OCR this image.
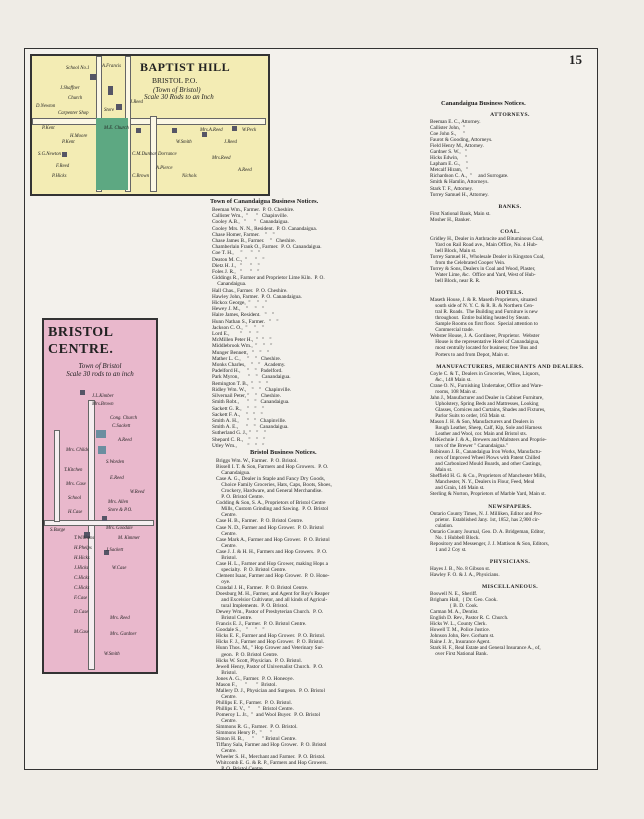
15
BAPTIST HILL
BRISTOL P.O.
(Town of Bristol)
Scale 30 Rods to an Inch
School No.1
J.Shaffner
Church
D.Newton
Carpenter Shop
Store
M.E. Church
P.Kent
S.G.Newton
F.Reed
P.Kent
P.Hicks
H.Moore
A.Francis
J.Reed
W.Smith
C.M.Dunbar Dorrance
A.Pierce
Nichols
Mrs.Reed
J.Reed
Mrs.A.Reed
A.Reed
W.Peck
C.Brown
BRISTOL CENTRE.
Town of Bristol
Scale 30 rods to an inch
J.L.Kimber
Mrs.Brown
Cong. Church
C.Sackett
A.Reed
Mrs. Childs
S.Worden
T.Kitchen
Mrs. Case
E.Reed
School
H.Case
Mrs. Allen
Store & P.O.
W.Reed
S.Burge
T.Williams
Mrs. Goodale
M. Kimmer
H.Phelps
H.Hicks
J.Sackett
J.Hicks	W.Case
C.Hicks
C.Hicks
F.Case
Mrs. Reed
Mrs. Gardner
D.Case
M.Case
W.Smith
Town of Canandaigua Business Notices.
Beeman Wm., Farmer.  P. O. Cheshire.
Callister Wm.,  "      "   Chapinville.
Cooley A.B.,   "      "   Canandaigua.
Cooley Mrs. N. N., Resident.  P. O. Canandaigua.
Chase Homer, Farmer.    "    "
Chase James B., Farmer.    "   Cheshire.
Chamberlain Frank O., Farmer.  P. O. Canandaigua.
Coe T. H.,     "      "    "
Deaton M. C.,  "      "    "
Dietz H. J.,   "      "    "
Foles J. R.,   "      "    "
Giddings R., Farmer and Proprietor Lime Kiln.  P. O.
Canandaigua.
Hall Chas., Farmer.  P. O. Cheshire.
Hawley John, Farmer.  P. O. Canandaigua.
Hickox George,  "     "    "
Hewey J. M.,    "     "    "
Haire James, Resident.   "    "
Hunn Nathan S., Farmer.   "    "
Jackson C. O.,  "     "    "
Lord E.,        "     "    "
McMillen Peter H.,  "   "    "
Middlebrook Wm.,  "    "    "
Munger Bennett,   "    "    "
Mather L. C.,     "    "   Cheshire.
Monks Charles,    "    "   Academy.
Padelford H.,     "    "   Padelford.
Park Myron,       "    "   Canandaigua.
Remington T. B.,  "    "    "
Ridley Wm. W.,    "    "   Chapinville.
Silvernail Peter, "    "   Cheshire.
Smith Robt.,      "    "   Canandaigua.
Sackett G. R.,    "    "    "
Sackett F. A.,    "    "    "
Smith A. H.,      "    "   Chapinville.
Smith A. E.,      "    "   Canandaigua.
Sutherland G. J., "    "    "
Shepard C. R.,    "    "    "
Utley Wm.,        "    "    "
Bristol Business Notices.
Briggs Wm. W., Farmer.  P. O. Bristol.
Bissell I. T. & Son, Farmers and Hop Growers.  P. O.
Canandaigua.
Case A. G., Dealer in Staple and Fancy Dry Goods,
Choice Family Groceries, Hats, Caps, Boots, Shoes,
Crockery, Hardware, and General Merchandise.
P. O. Bristol Centre.
Codding & Son, S. A., Proprietors of Bristol Centre
Mills, Custom Grinding and Sawing.  P. O. Bristol
Centre.
Case H. B., Farmer.  P. O. Bristol Centre.
Case N. D., Farmer and Hop Grower.  P. O. Bristol
Centre.
Case Mark A., Farmer and Hop Grower.  P. O. Bristol
Centre.
Case J. J. & H. H., Farmers and Hop Growers.  P. O.
Bristol.
Case H. L., Farmer and Hop Grower, making Hops a
specialty.  P. O. Bristol Centre.
Clement Isaac, Farmer and Hop Grower.  P. O. Hone-
oye.
Crandal J. H., Farmer.  P. O. Bristol Centre.
Doesburg M. H., Farmer, and Agent for Roy's Reaper
and Excelsior Cultivator, and all kinds of Agricul-
tural Implements.  P. O. Bristol.
Dewey Wm., Pastor of Presbyterian Church.  P. O.
Bristol Centre.
Francis E. J., Farmer.  P. O. Bristol Centre.
Goodale S.,    "     "    "
Hicks E. F., Farmer and Hop Grower.  P. O. Bristol.
Hicks F. J., Farmer and Hop Grower.  P. O. Bristol.
Hunn Thos. M., " Hop Grower and Veterinary Sur-
geon.  P. O. Bristol Centre.
Hicks W. Scott, Physician.  P. O. Bristol.
Jewell Henry, Pastor of Universalist Church.  P. O.
Bristol.
Jones A. G., Farmer.  P. O. Honeoye.
Mason F.,      "       "  Bristol.
Mallery D. J., Physician and Surgeon.  P. O. Bristol
Centre.
Phillips E. F., Farmer.  P. O. Bristol.
Phillips E. V.,  "      "  Bristol Centre.
Pomeroy L. Jr.,  "  and Wool Buyer.  P. O. Bristol
Centre.
Simmons R. G., Farmer.  P. O. Bristol.
Simmons Henry P.,  "      "
Simon H. B.,      "      " Bristol Centre.
Tiffany Sala, Farmer and Hop Grower.  P. O. Bristol
Centre.
Wheeler S. H., Merchant and Farmer.  P. O. Bristol.
Whitcomb E. G. & R. P., Farmers and Hop Growers.
P. O. Bristol Centre.
Canandaigua Business Notices.
ATTORNEYS.
Beeman E. C., Attorney.
Callister John,  "
Coe John S.,     "
Faurot & Gooding, Attorneys.
Field Henry M., Attorney.
Gardner S. W.,   "
Hicks Edwin,     "
Lapham E. G.,    "
Metcalf Hiram,   "
Richardson C. A.,  "     and Surrogate.
Smith & Hamlin, Attorneys.
Stark T. F., Attorney.
Torrey Samuel H., Attorney.
BANKS.
First National Bank, Main st.
Mosher H., Banker.
COAL.
Gridley H., Dealer in Anthracite and Bituminous Coal,
Yard on Rail Road ave., Main Office, No. 4 Hub-
bell Block, Main st.
Torrey Samuel H., Wholesale Dealer in Kingston Coal,
from the Celebrated Cooper Vein.
Torrey & Sons, Dealers in Coal and Wood, Plaster,
Water Lime, &c.  Office and Yard, West of Hub-
bell Block, near R. R.
HOTELS.
Maseth House, J. & R. Maseth Proprietors, situated
south side of N. Y. C. & R. R. & Northern Cen-
tral R. Roads.  The Building and Furniture is new
throughout.  Entire building heated by Steam.
Sample Rooms on first floor.  Special attention to
Commercial trade.
Webster House, J. A. Gordineer, Proprietor.  Webster
House is the representative Hotel of Canandaigua,
most centrally located for business; free 'Bus and
Porters to and from Depot, Main st.
MANUFACTURERS, MERCHANTS AND DEALERS.
Coyle C. & T., Dealers in Groceries, Wines, Liquors,
&c., 148 Main st.
Crane O. N., Furnishing Undertaker, Office and Ware-
rooms, 108 Main st.
Jahn J., Manufacturer and Dealer in Cabinet Furniture,
Upholstery, Spring Beds and Mattresses, Looking
Glasses, Cornices and Curtains, Shades and Fixtures,
Parlor Suits to order, 163 Main st.
Mason J. H. & Son, Manufacturers and Dealers in
Rough Leather, Sheep, Calf, Kip, Sole and Harness
Leather and Wool, cor. Main and Bristol sts.
McKechnie J. & A., Brewers and Maltsters and Proprie-
tors of the Brewer " Canandaigua."
Robinson J. B., Canandaigua Iron Works, Manufactu-
rers of Improved Wheel Plows with Patent Chilled
and Carbonized Mould Boards, and other Castings,
Main st.
Sheffield H. G. & Co., Proprietors of Manchester Mills,
Manchester, N. Y., Dealers in Flour, Feed, Meal
and Grain, 146 Main st.
Sterling & Norton, Proprietors of Marble Yard, Main st.
NEWSPAPERS.
Ontario County Times, N. J. Milliken, Editor and Pro-
prietor.  Established Jany. 1st, 1852, has 2,900 cir-
culation.
Ontario County Journal, Geo. D. A. Bridgeman, Editor,
No. 1 Hubbell Block.
Repository and Messenger, J. J. Mattison & Son, Editors,
1 and 2 Coy st.
PHYSICIANS.
Hayes J. B., No. 8 Gibson st.
Hawley F. O. & J. A., Physicians.
MISCELLANEOUS.
Boswell N. E., Sheriff.
Brigham Hall,  { Dr. Geo. Cook.
{ B. D. Cook.
Carman M. A., Dentist.
English D. Rev., Pastor R. C. Church.
Hicks W. L., County Clerk.
Howell T. M., Police Justice.
Johnson John, Rev. Gorham st.
Raine J. Jr., Insurance Agent.
Stark H. F., Real Estate and General Insurance A., of,
over First National Bank.
